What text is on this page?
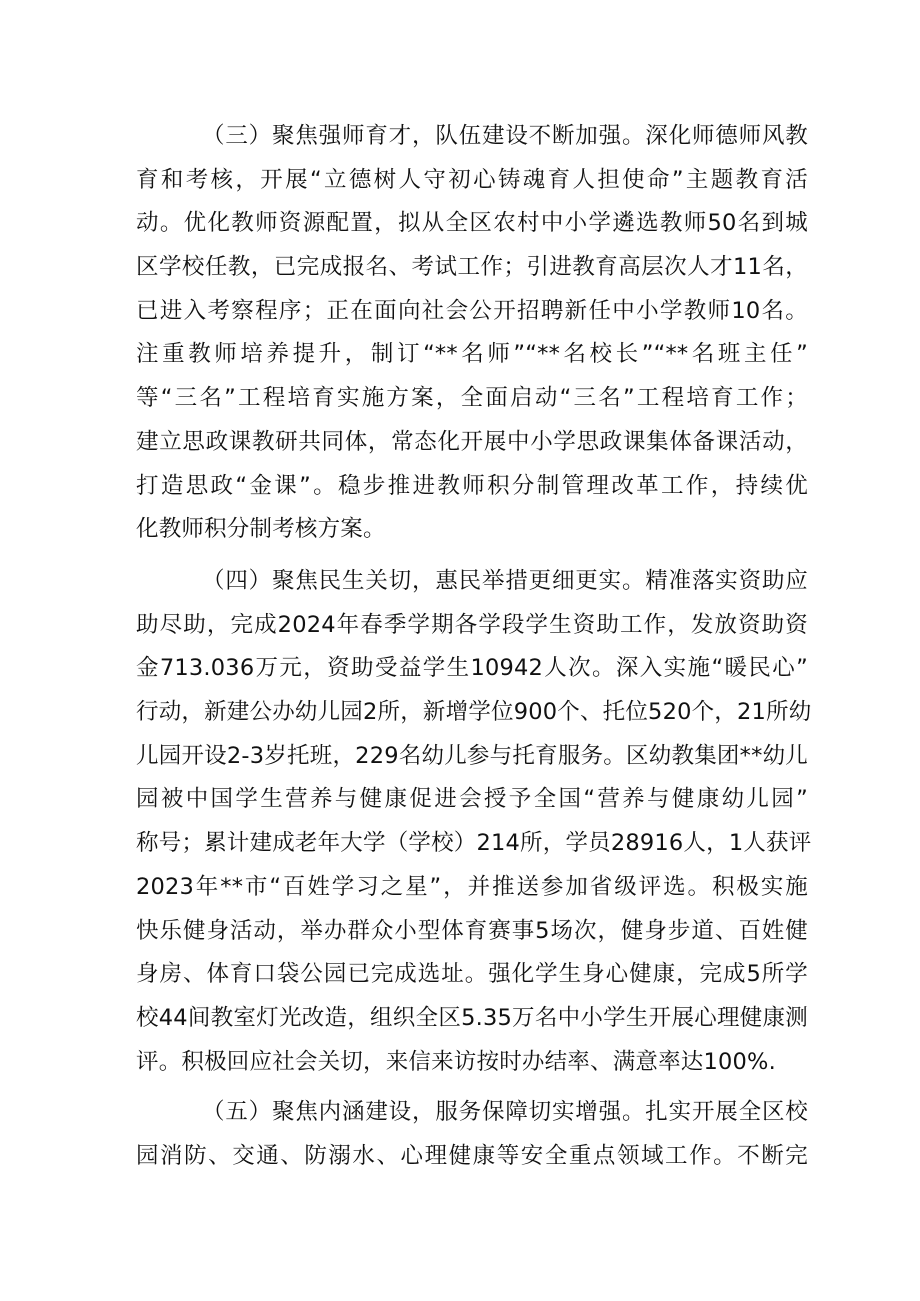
（三）聚焦强师育才，队伍建设不断加强。深化师德师风教
育和考核，开展“立德树人守初心铸魂育人担使命”主题教育活
动。优化教师资源配置，拟从全区农村中小学遴选教师50名到城
区学校任教，已完成报名、考试工作；引进教育高层次人才11名，
已进入考察程序；正在面向社会公开招聘新任中小学教师10名。
注重教师培养提升，制订“**名师”“**名校长”“**名班主任”
等“三名”工程培育实施方案，全面启动“三名”工程培育工作；
建立思政课教研共同体，常态化开展中小学思政课集体备课活动，
打造思政“金课”。稳步推进教师积分制管理改革工作，持续优
化教师积分制考核方案。
（四）聚焦民生关切，惠民举措更细更实。精准落实资助应
助尽助，完成2024年春季学期各学段学生资助工作，发放资助资
金713.036万元，资助受益学生10942人次。深入实施“暖民心”
行动，新建公办幼儿园2所，新增学位900个、托位520个，21所幼
儿园开设2-3岁托班，229名幼儿参与托育服务。区幼教集团**幼儿
园被中国学生营养与健康促进会授予全国“营养与健康幼儿园”
称号；累计建成老年大学（学校）214所，学员28916人，1人获评
2023年**市“百姓学习之星”，并推送参加省级评选。积极实施
快乐健身活动，举办群众小型体育赛事5场次，健身步道、百姓健
身房、体育口袋公园已完成选址。强化学生身心健康，完成5所学
校44间教室灯光改造，组织全区5.35万名中小学生开展心理健康测
评。积极回应社会关切，来信来访按时办结率、满意率达100%.
（五）聚焦内涵建设，服务保障切实增强。扎实开展全区校
园消防、交通、防溺水、心理健康等安全重点领域工作。不断完
